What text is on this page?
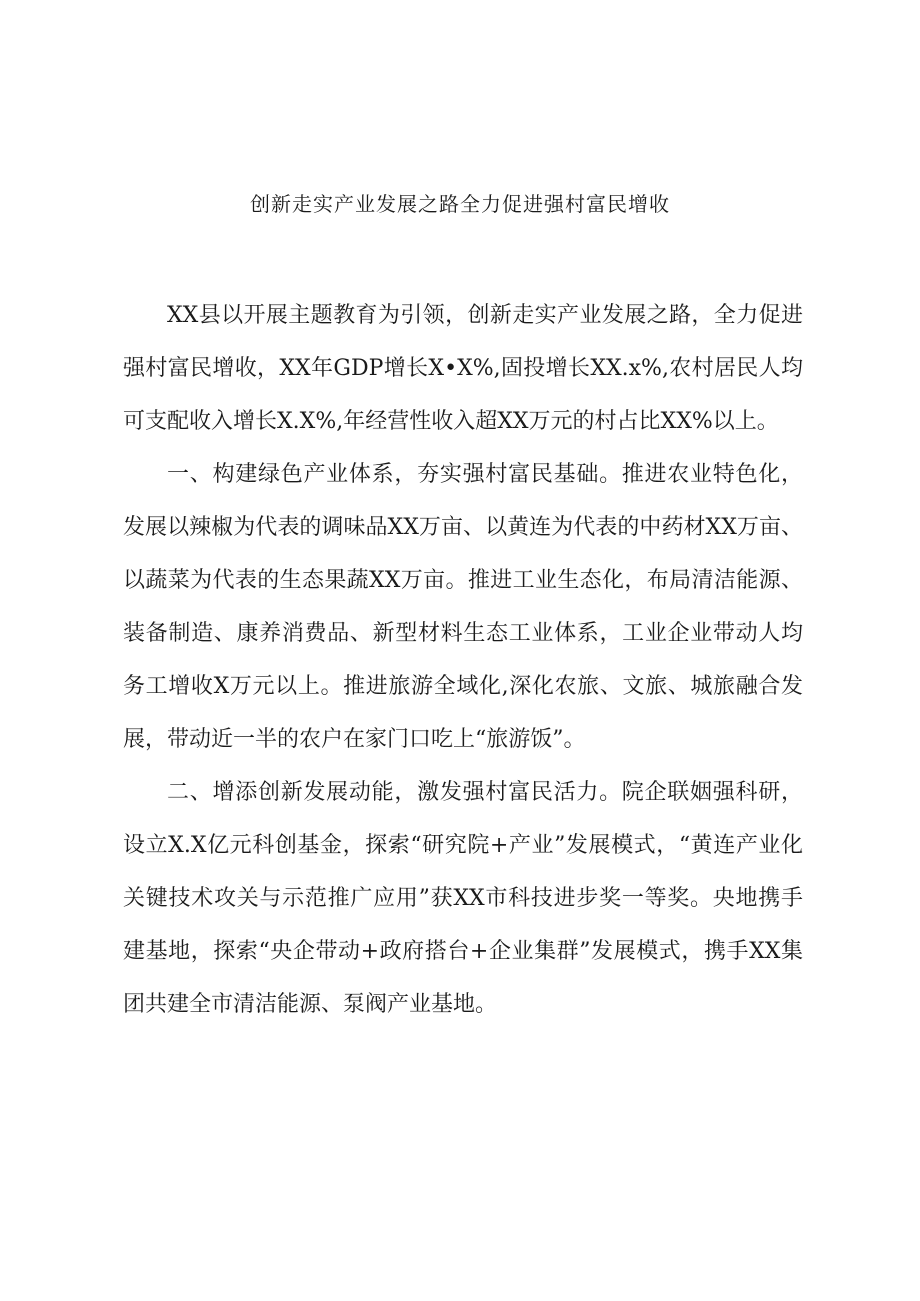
创新走实产业发展之路全力促进强村富民增收

XX县以开展主题教育为引领，创新走实产业发展之路，全力促进强村富民增收，XX年GDP增长X•X%,固投增长XX.x%,农村居民人均可支配收入增长X.X%,年经营性收入超XX万元的村占比XX%以上。

一、构建绿色产业体系，夯实强村富民基础。推进农业特色化，发展以辣椒为代表的调味品XX万亩、以黄连为代表的中药材XX万亩、以蔬菜为代表的生态果蔬XX万亩。推进工业生态化，布局清洁能源、装备制造、康养消费品、新型材料生态工业体系，工业企业带动人均务工增收X万元以上。推进旅游全域化,深化农旅、文旅、城旅融合发展，带动近一半的农户在家门口吃上“旅游饭”。

二、增添创新发展动能，激发强村富民活力。院企联姻强科研，设立X.X亿元科创基金，探索“研究院+产业”发展模式，“黄连产业化关键技术攻关与示范推广应用”获XX市科技进步奖一等奖。央地携手建基地，探索“央企带动+政府搭台+企业集群”发展模式，携手XX集团共建全市清洁能源、泵阀产业基地。
